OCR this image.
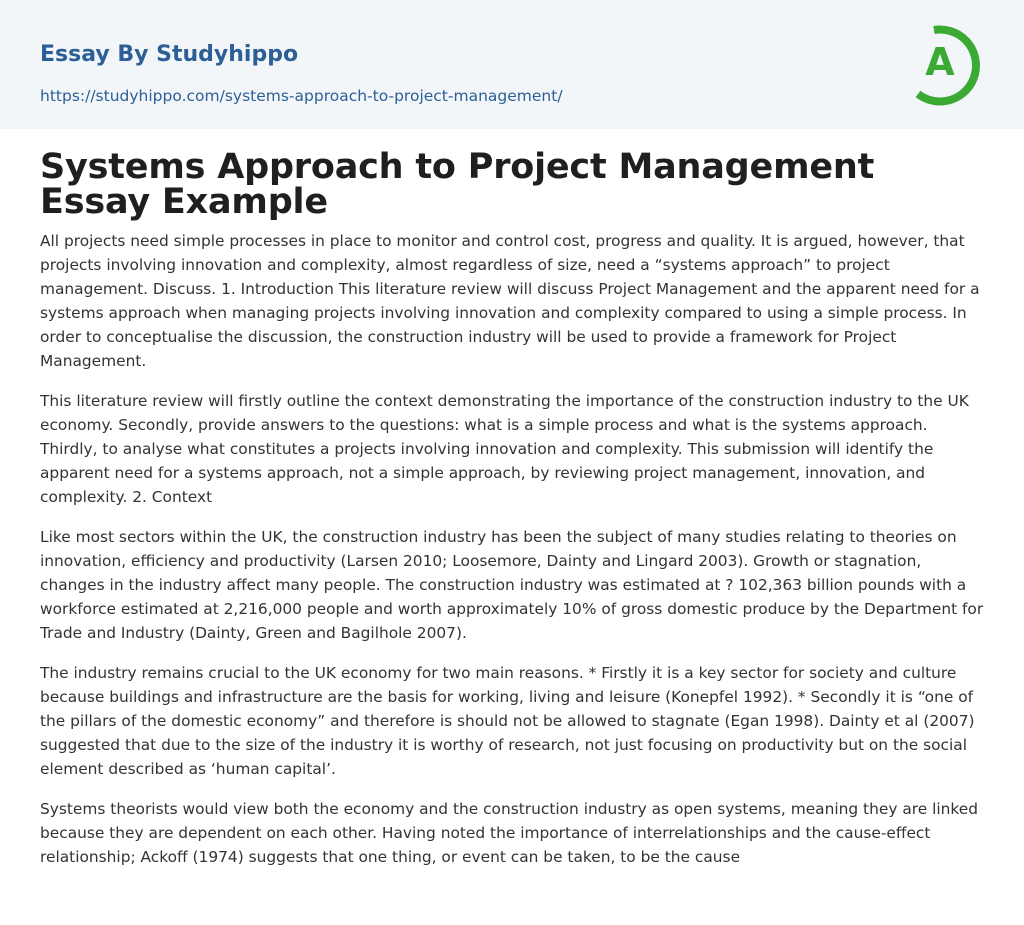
Essay By Studyhippo
https://studyhippo.com/systems-approach-to-project-management/
A
Systems Approach to Project Management Essay Example

All projects need simple processes in place to monitor and control cost, progress and quality. It is argued, however, that projects involving innovation and complexity, almost regardless of size, need a “systems approach” to project management. Discuss. 1. Introduction This literature review will discuss Project Management and the apparent need for a systems approach when managing projects involving innovation and complexity compared to using a simple process. In order to conceptualise the discussion, the construction industry will be used to provide a framework for Project Management.

This literature review will firstly outline the context demonstrating the importance of the construction industry to the UK economy. Secondly, provide answers to the questions: what is a simple process and what is the systems approach. Thirdly, to analyse what constitutes a projects involving innovation and complexity. This submission will identify the apparent need for a systems approach, not a simple approach, by reviewing project management, innovation, and complexity. 2. Context

Like most sectors within the UK, the construction industry has been the subject of many studies relating to theories on innovation, efficiency and productivity (Larsen 2010; Loosemore, Dainty and Lingard 2003). Growth or stagnation, changes in the industry affect many people. The construction industry was estimated at ? 102,363 billion pounds with a workforce estimated at 2,216,000 people and worth approximately 10% of gross domestic produce by the Department for Trade and Industry (Dainty, Green and Bagilhole 2007).

The industry remains crucial to the UK economy for two main reasons. * Firstly it is a key sector for society and culture because buildings and infrastructure are the basis for working, living and leisure (Konepfel 1992). * Secondly it is “one of the pillars of the domestic economy” and therefore is should not be allowed to stagnate (Egan 1998). Dainty et al (2007) suggested that due to the size of the industry it is worthy of research, not just focusing on productivity but on the social element described as ‘human capital’.

Systems theorists would view both the economy and the construction industry as open systems, meaning they are linked because they are dependent on each other. Having noted the importance of interrelationships and the cause-effect relationship; Ackoff (1974) suggests that one thing, or event can be taken, to be the cause
